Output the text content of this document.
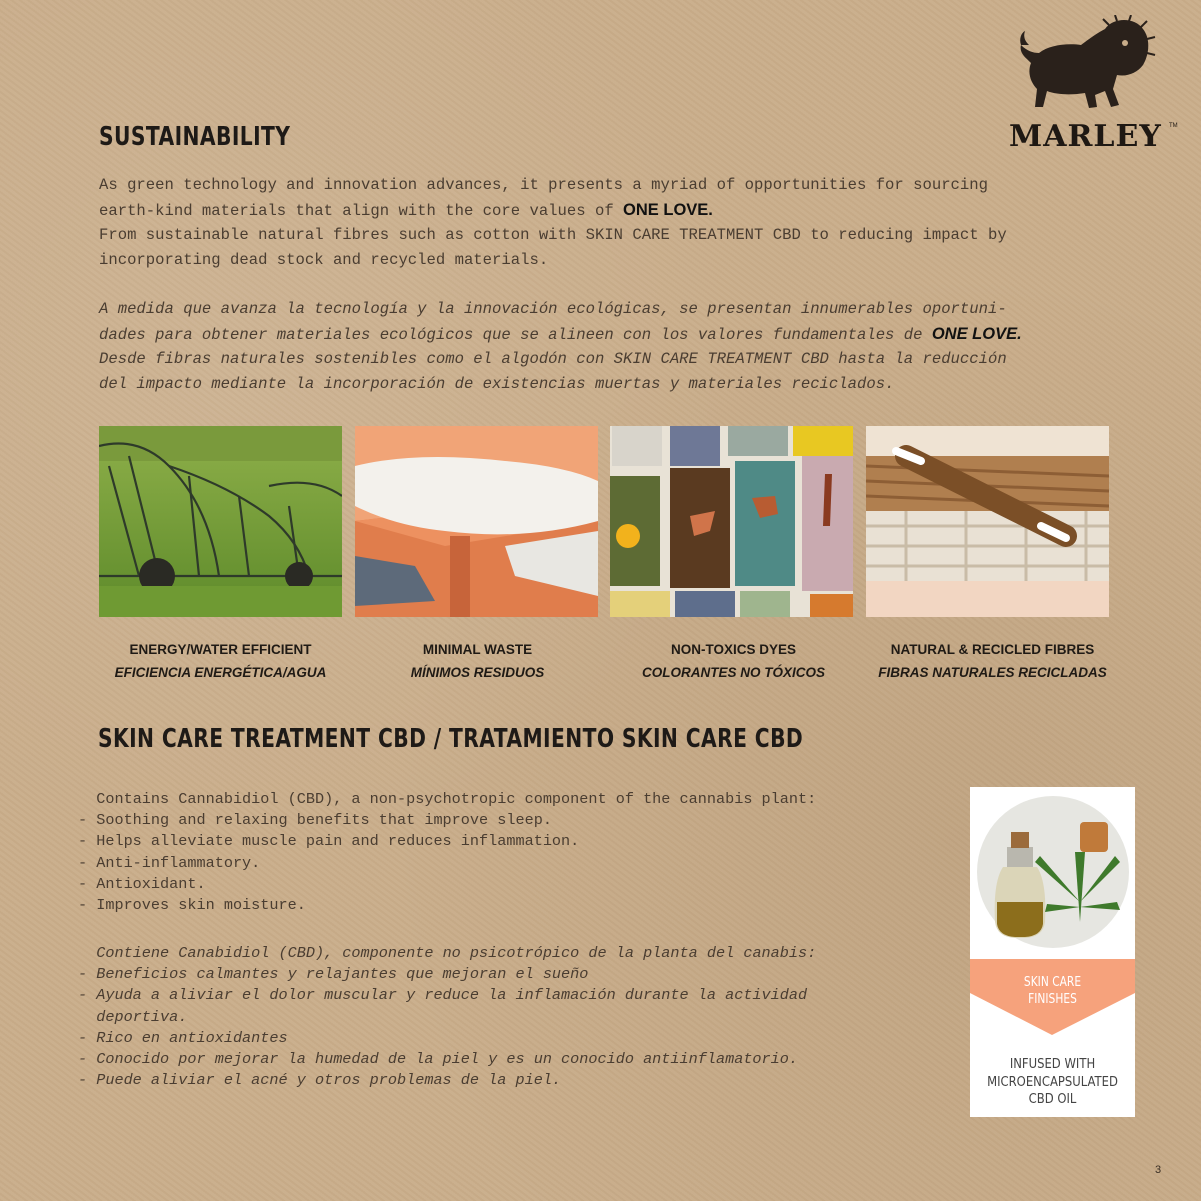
MARLEY TM
SUSTAINABILITY

As green technology and innovation advances, it presents a myriad of opportunities for sourcing

earth-kind materials that align with the core values of ONE LOVE.

From sustainable natural fibres such as cotton with SKIN CARE TREATMENT CBD to reducing impact by

incorporating dead stock and recycled materials.

A medida que avanza la tecnología y la innovación ecológicas, se presentan innumerables oportuni-

dades para obtener materiales ecológicos que se alineen con los valores fundamentales de ONE LOVE.

Desde fibras naturales sostenibles como el algodón con SKIN CARE TREATMENT CBD hasta la reducción

del impacto mediante la incorporación de existencias muertas y materiales reciclados.

ENERGY/WATER EFFICIENT
EFICIENCIA ENERGÉTICA/AGUA
MINIMAL WASTE
MÍNIMOS RESIDUOS
NON-TOXICS DYES
COLORANTES NO TÓXICOS
NATURAL & RECICLED FIBRES
FIBRAS NATURALES RECICLADAS
SKIN CARE TREATMENT CBD / TRATAMIENTO SKIN CARE CBD

Contains Cannabidiol (CBD), a non-psychotropic component of the cannabis plant:

- Soothing and relaxing benefits that improve sleep.

- Helps alleviate muscle pain and reduces inflammation.

- Anti-inflammatory.

- Antioxidant.

- Improves skin moisture.

Contiene Canabidiol (CBD), componente no psicotrópico de la planta del canabis:

- Beneficios calmantes y relajantes que mejoran el sueño

- Ayuda a aliviar el dolor muscular y reduce la inflamación durante la actividad

deportiva.

- Rico en antioxidantes

- Conocido por mejorar la humedad de la piel y es un conocido antiinflamatorio.

- Puede aliviar el acné y otros problemas de la piel.

SKIN CARE
FINISHES
INFUSED WITH
MICROENCAPSULATED
CBD OIL
3
